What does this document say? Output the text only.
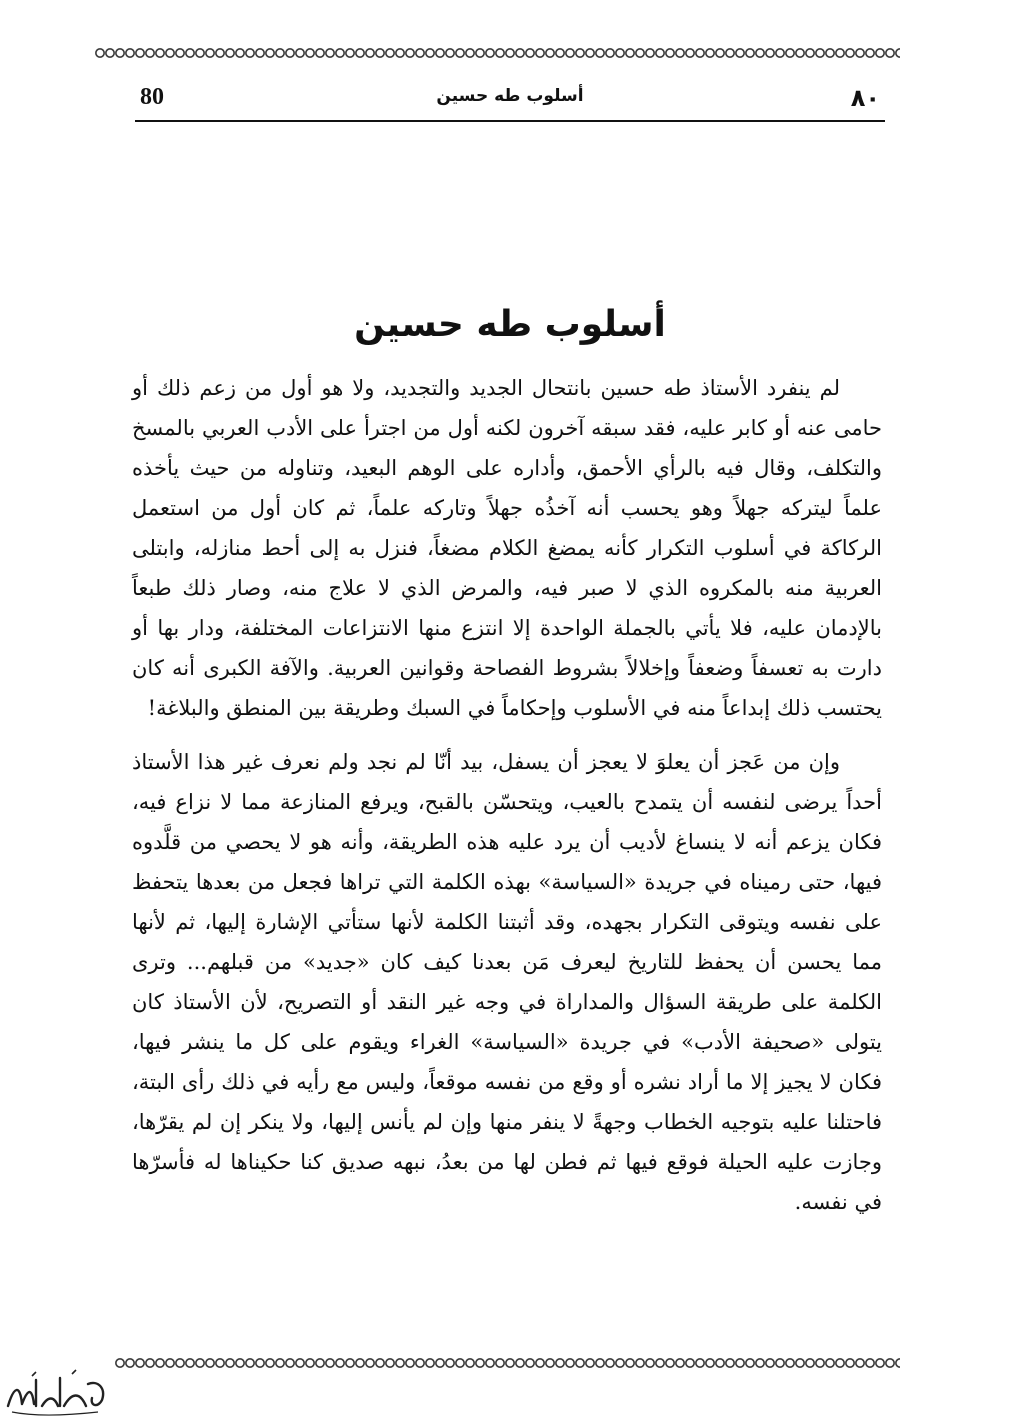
80	أسلوب طه حسين	٨٠
أسلوب طه حسين

لم ينفرد الأستاذ طه حسين بانتحال الجديد والتجديد، ولا هو أول من زعم ذلك أو حامى عنه أو كابر عليه، فقد سبقه آخرون لكنه أول من اجترأ على الأدب العربي بالمسخ والتكلف، وقال فيه بالرأي الأحمق، وأداره على الوهم البعيد، وتناوله من حيث يأخذه علماً ليتركه جهلاً وهو يحسب أنه آخذُه جهلاً وتاركه علماً، ثم كان أول من استعمل الركاكة في أسلوب التكرار كأنه يمضغ الكلام مضغاً، فنزل به إلى أحط منازله، وابتلى العربية منه بالمكروه الذي لا صبر فيه، والمرض الذي لا علاج منه، وصار ذلك طبعاً بالإدمان عليه، فلا يأتي بالجملة الواحدة إلا انتزع منها الانتزاعات المختلفة، ودار بها أو دارت به تعسفاً وضعفاً وإخلالاً بشروط الفصاحة وقوانين العربية. والآفة الكبرى أنه كان يحتسب ذلك إبداعاً منه في الأسلوب وإحكاماً في السبك وطريقة بين المنطق والبلاغة!

وإن من عَجز أن يعلوَ لا يعجز أن يسفل، بيد أنّا لم نجد ولم نعرف غير هذا الأستاذ أحداً يرضى لنفسه أن يتمدح بالعيب، ويتحسّن بالقبح، ويرفع المنازعة مما لا نزاع فيه، فكان يزعم أنه لا ينساغ لأديب أن يرد عليه هذه الطريقة، وأنه هو لا يحصي من قلَّدوه فيها، حتى رميناه في جريدة «السياسة» بهذه الكلمة التي تراها فجعل من بعدها يتحفظ على نفسه ويتوقى التكرار بجهده، وقد أثبتنا الكلمة لأنها ستأتي الإشارة إليها، ثم لأنها مما يحسن أن يحفظ للتاريخ ليعرف مَن بعدنا كيف كان «جديد» من قبلهم... وترى الكلمة على طريقة السؤال والمداراة في وجه غير النقد أو التصريح، لأن الأستاذ كان يتولى «صحيفة الأدب» في جريدة «السياسة» الغراء ويقوم على كل ما ينشر فيها، فكان لا يجيز إلا ما أراد نشره أو وقع من نفسه موقعاً، وليس مع رأيه في ذلك رأى البتة، فاحتلنا عليه بتوجيه الخطاب وجهةً لا ينفر منها وإن لم يأنس إليها، ولا ينكر إن لم يقرّها، وجازت عليه الحيلة فوقع فيها ثم فطن لها من بعدُ، نبهه صديق كنا حكيناها له فأسرّها في نفسه.
